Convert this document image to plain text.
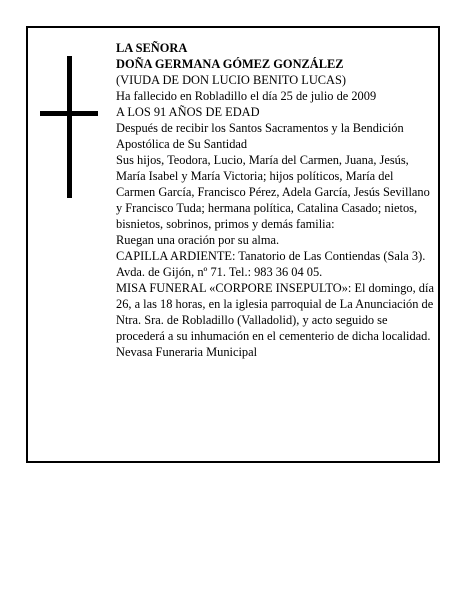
LA SEÑORA

DOÑA GERMANA GÓMEZ GONZÁLEZ

(VIUDA DE DON LUCIO BENITO LUCAS)

Ha fallecido en Robladillo el día 25 de julio de 2009

A LOS 91 AÑOS DE EDAD

Después de recibir los Santos Sacramentos y la Bendición Apostólica de Su Santidad

Sus hijos, Teodora, Lucio, María del Carmen, Juana, Jesús, María Isabel y María Victoria; hijos políticos, María del Carmen García, Francisco Pérez, Adela García, Jesús Sevillano y Francisco Tuda; hermana política, Catalina Casado; nietos, bisnietos, sobrinos, primos y demás familia:

Ruegan una oración por su alma.

CAPILLA ARDIENTE: Tanatorio de Las Contiendas (Sala 3). Avda. de Gijón, nº 71. Tel.: 983 36 04 05.

MISA FUNERAL «CORPORE INSEPULTO»: El domingo, día 26, a las 18 horas, en la iglesia parroquial de La Anunciación de Ntra. Sra. de Robladillo (Valladolid), y acto seguido se procederá a su inhumación en el cementerio de dicha localidad.

Nevasa Funeraria Municipal
